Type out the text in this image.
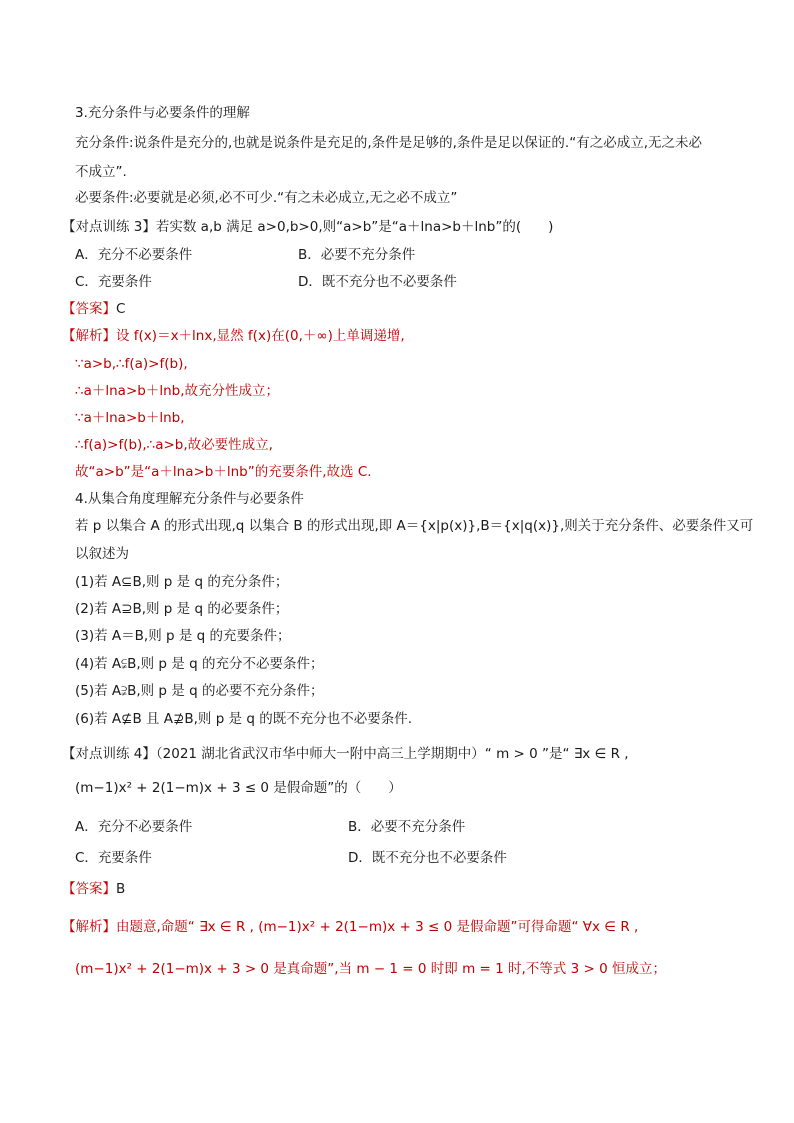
3.充分条件与必要条件的理解
充分条件:说条件是充分的,也就是说条件是充足的,条件是足够的,条件是足以保证的.“有之必成立,无之未必
不成立”.
必要条件:必要就是必须,必不可少.“有之未必成立,无之必不成立”
【对点训练 3】若实数 a,b 满足 a>0,b>0,则“a>b”是“a＋lna>b＋lnb”的(　　)
A．充分不必要条件	B．必要不充分条件
C．充要条件	D．既不充分也不必要条件
【答案】C
【解析】设 f(x)＝x＋lnx,显然 f(x)在(0,＋∞)上单调递增,
∵a>b,∴f(a)>f(b),
∴a＋lna>b＋lnb,故充分性成立；
∵a＋lna>b＋lnb,
∴f(a)>f(b),∴a>b,故必要性成立,
故“a>b”是“a＋lna>b＋lnb”的充要条件,故选 C.
4.从集合角度理解充分条件与必要条件
若 p 以集合 A 的形式出现,q 以集合 B 的形式出现,即 A＝{x|p(x)},B＝{x|q(x)},则关于充分条件、必要条件又可
以叙述为
(1)若 A⊆B,则 p 是 q 的充分条件；
(2)若 A⊇B,则 p 是 q 的必要条件；
(3)若 A＝B,则 p 是 q 的充要条件；
(4)若 A⫋B,则 p 是 q 的充分不必要条件；
(5)若 A⫌B,则 p 是 q 的必要不充分条件；
(6)若 A⊈B 且 A⊉B,则 p 是 q 的既不充分也不必要条件.
【对点训练 4】（2021 湖北省武汉市华中师大一附中高三上学期期中）“ m > 0 ”是“ ∃x ∈ R ,
(m−1)x² + 2(1−m)x + 3 ≤ 0 是假命题”的（　　）
A．充分不必要条件	B．必要不充分条件
C．充要条件	D．既不充分也不必要条件
【答案】B
【解析】由题意,命题“ ∃x ∈ R , (m−1)x² + 2(1−m)x + 3 ≤ 0 是假命题”可得命题“ ∀x ∈ R ,
(m−1)x² + 2(1−m)x + 3 > 0 是真命题”,当 m − 1 = 0 时即 m = 1 时,不等式 3 > 0 恒成立；
